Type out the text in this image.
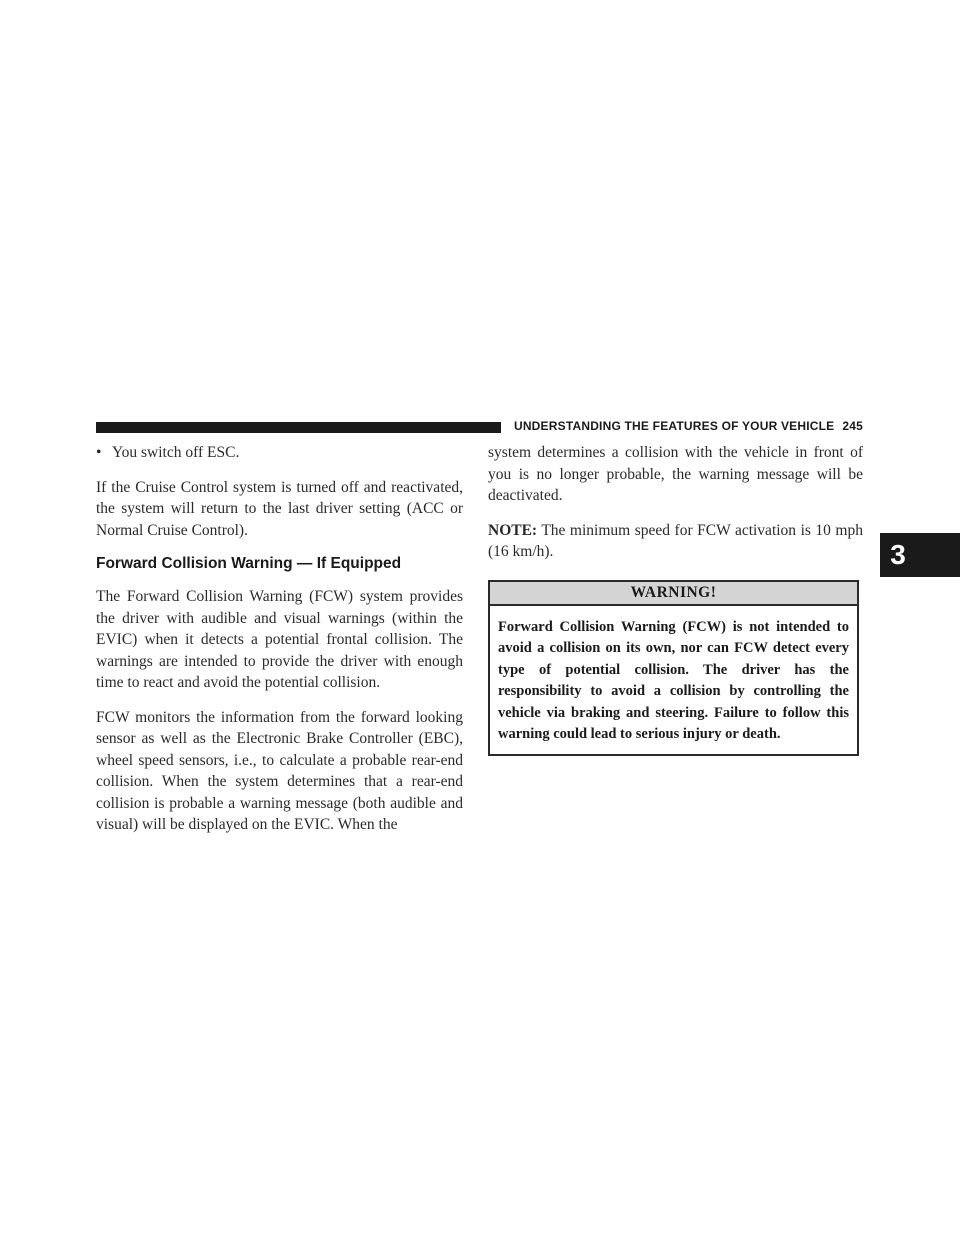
UNDERSTANDING THE FEATURES OF YOUR VEHICLE 245
3
• You switch off ESC.

If the Cruise Control system is turned off and reactivated, the system will return to the last driver setting (ACC or Normal Cruise Control).

Forward Collision Warning — If Equipped

The Forward Collision Warning (FCW) system provides the driver with audible and visual warnings (within the EVIC) when it detects a potential frontal collision. The warnings are intended to provide the driver with enough time to react and avoid the potential collision.

FCW monitors the information from the forward looking sensor as well as the Electronic Brake Controller (EBC), wheel speed sensors, i.e., to calculate a probable rear-end collision. When the system determines that a rear-end collision is probable a warning message (both audible and visual) will be displayed on the EVIC. When the

system determines a collision with the vehicle in front of you is no longer probable, the warning message will be deactivated.

NOTE: The minimum speed for FCW activation is 10 mph (16 km/h).

WARNING!
Forward Collision Warning (FCW) is not intended to avoid a collision on its own, nor can FCW detect every type of potential collision. The driver has the responsibility to avoid a collision by controlling the vehicle via braking and steering. Failure to follow this warning could lead to serious injury or death.
